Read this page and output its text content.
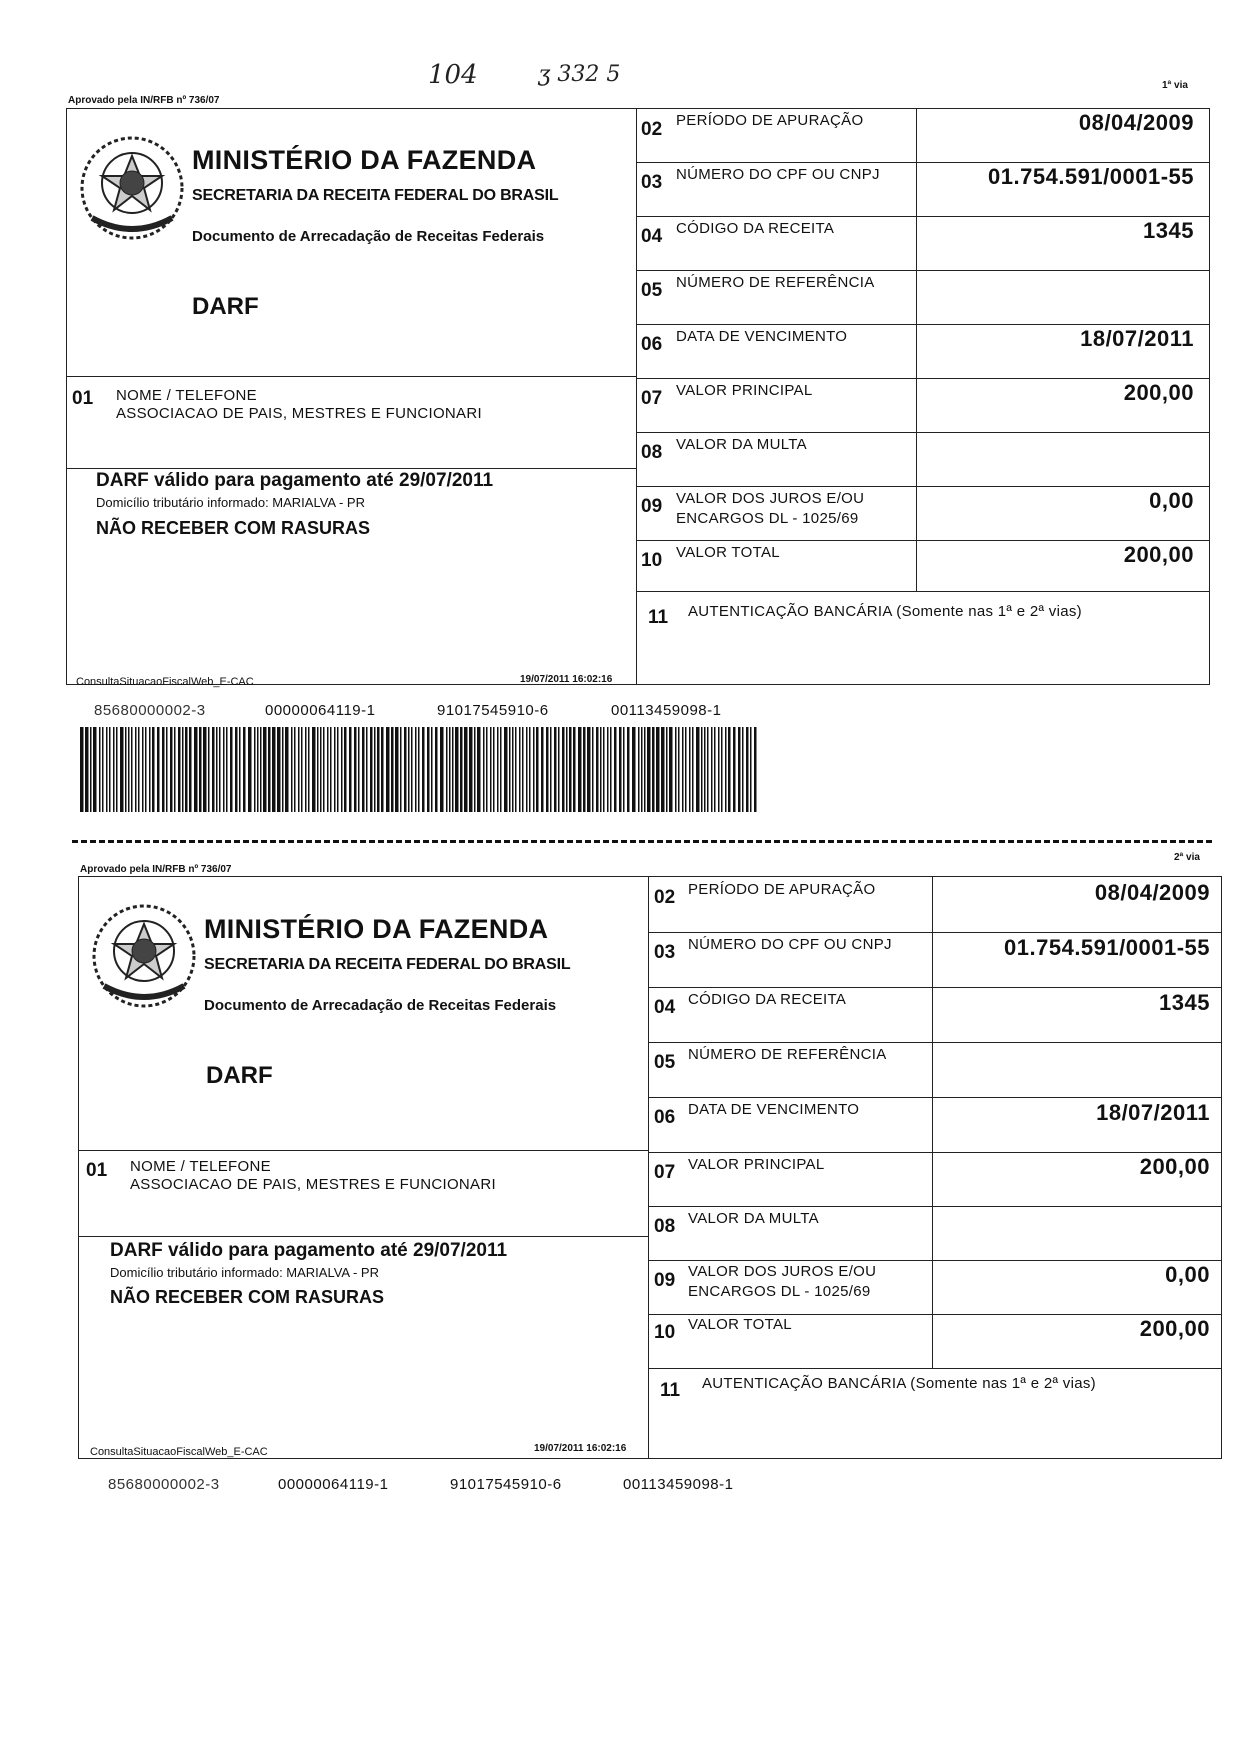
104	ʒ 332 5
Aprovado pela IN/RFB nº 736/07
1ª via
MINISTÉRIO DA FAZENDA
SECRETARIA DA RECEITA FEDERAL DO BRASIL
Documento de Arrecadação de Receitas Federais
DARF
01 NOME / TELEFONE
ASSOCIACAO DE PAIS, MESTRES E FUNCIONARI
DARF válido para pagamento até 29/07/2011
Domicílio tributário informado: MARIALVA - PR
NÃO RECEBER COM RASURAS
ConsultaSituacaoFiscalWeb_E-CAC	19/07/2011 16:02:16
02 PERÍODO DE APURAÇÃO	08/04/2009
03 NÚMERO DO CPF OU CNPJ	01.754.591/0001-55
04 CÓDIGO DA RECEITA	1345
05 NÚMERO DE REFERÊNCIA
06 DATA DE VENCIMENTO	18/07/2011
07 VALOR PRINCIPAL	200,00
08 VALOR DA MULTA
09 VALOR DOS JUROS E/OU
ENCARGOS DL - 1025/69
0,00
10 VALOR TOTAL	200,00
11 AUTENTICAÇÃO BANCÁRIA (Somente nas 1ª e 2ª vias)
85680000002-3	00000064119-1	91017545910-6	00113459098-1
Aprovado pela IN/RFB nº 736/07
2ª via
MINISTÉRIO DA FAZENDA
SECRETARIA DA RECEITA FEDERAL DO BRASIL
Documento de Arrecadação de Receitas Federais
DARF
01 NOME / TELEFONE
ASSOCIACAO DE PAIS, MESTRES E FUNCIONARI
DARF válido para pagamento até 29/07/2011
Domicílio tributário informado: MARIALVA - PR
NÃO RECEBER COM RASURAS
ConsultaSituacaoFiscalWeb_E-CAC	19/07/2011 16:02:16
02 PERÍODO DE APURAÇÃO	08/04/2009
03 NÚMERO DO CPF OU CNPJ	01.754.591/0001-55
04 CÓDIGO DA RECEITA	1345
05 NÚMERO DE REFERÊNCIA
06 DATA DE VENCIMENTO	18/07/2011
07 VALOR PRINCIPAL	200,00
08 VALOR DA MULTA
09 VALOR DOS JUROS E/OU
ENCARGOS DL - 1025/69
0,00
10 VALOR TOTAL	200,00
11 AUTENTICAÇÃO BANCÁRIA (Somente nas 1ª e 2ª vias)
85680000002-3	00000064119-1	91017545910-6	00113459098-1
